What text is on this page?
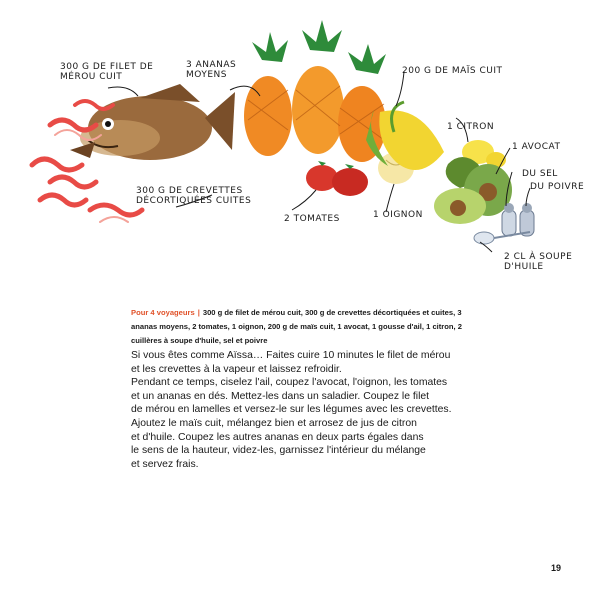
300 G DE FILET DE
MÉROU CUIT
3 ANANAS
MOYENS	200 G DE MAÏS CUIT
1 CITRON
1 AVOCAT
DU SEL
DU POIVRE
2 CL À SOUPE
D'HUILE
1 OIGNON
2 TOMATES
300 G DE CREVETTES
DÉCORTIQUÉES CUITES
Pour 4 voyageurs | 300 g de filet de mérou cuit, 300 g de crevettes décortiquées et cuites, 3 ananas moyens, 2 tomates, 1 oignon, 200 g de maïs cuit, 1 avocat, 1 gousse d'ail, 1 citron, 2 cuillères à soupe d'huile, sel et poivre

Si vous êtes comme Aïssa… Faites cuire 10 minutes le filet de mérou

et les crevettes à la vapeur et laissez refroidir.

Pendant ce temps, ciselez l'ail, coupez l'avocat, l'oignon, les tomates

et un ananas en dés. Mettez-les dans un saladier. Coupez le filet

de mérou en lamelles et versez-le sur les légumes avec les crevettes.

Ajoutez le maïs cuit, mélangez bien et arrosez de jus de citron

et d'huile. Coupez les autres ananas en deux parts égales dans

le sens de la hauteur, videz-les, garnissez l'intérieur du mélange

et servez frais.

19
